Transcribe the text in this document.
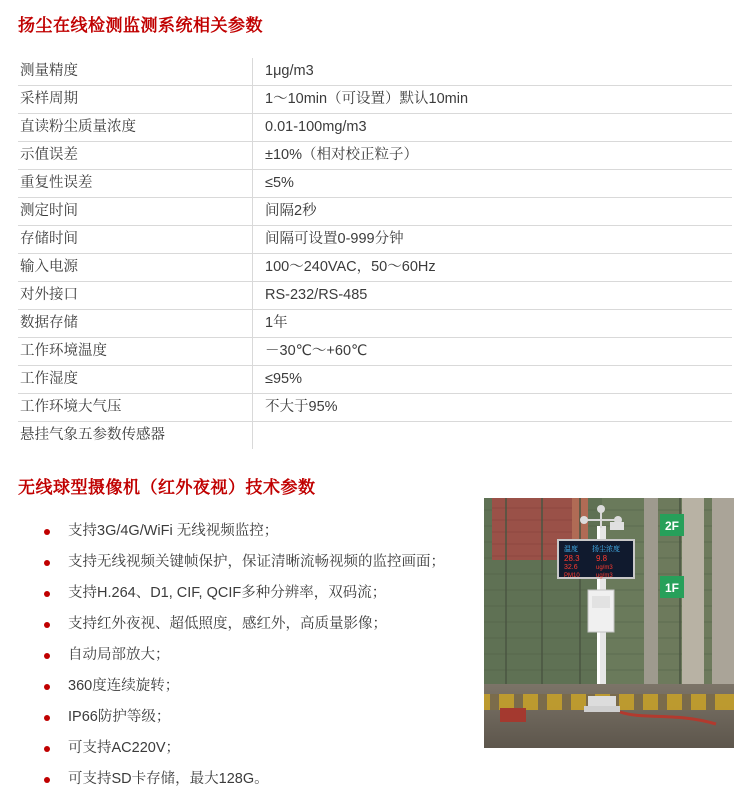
扬尘在线检测监测系统相关参数
测量精度	1μg/m3
采样周期	1～10min（可设置）默认10min
直读粉尘质量浓度	0.01-100mg/m3
示值误差	±10%（相对校正粒子）
重复性误差	≤5%
测定时间	间隔2秒
存储时间	间隔可设置0-999分钟
输入电源	100～240VAC，50～60Hz
对外接口	RS-232/RS-485
数据存储	1年
工作环境温度	－30℃～+60℃
工作湿度	≤95%
工作环境大气压	不大于95%
悬挂气象五参数传感器	
无线球型摄像机（红外夜视）技术参数
支持3G/4G/WiFi 无线视频监控；
支持无线视频关键帧保护，保证清晰流畅视频的监控画面；
支持H.264、D1, CIF, QCIF多种分辨率，双码流；
支持红外夜视、超低照度，感红外，高质量影像；
自动局部放大；
360度连续旋转；
IP66防护等级；
可支持AC220V；
可支持SD卡存储，最大128G。
2F
1F
温度 扬尘浓度
28.3 9.8
32.6	ug/m3
PM10	ug/m3
